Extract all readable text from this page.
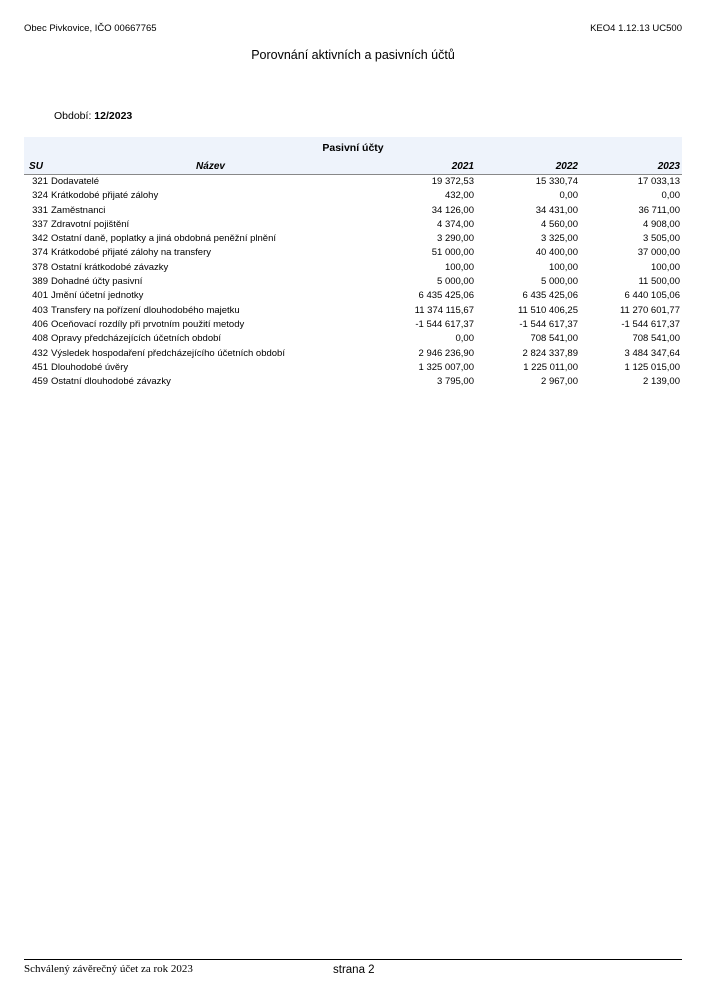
Obec Pivkovice, IČO 00667765	KEO4 1.12.13 UC500
Porovnání aktivních a pasivních účtů
Období: 12/2023
Pasivní účty
SU	Název	2021	2022	2023
321 Dodavatelé	19 372,53	15 330,74	17 033,13
324 Krátkodobé přijaté zálohy	432,00	0,00	0,00
331 Zaměstnanci	34 126,00	34 431,00	36 711,00
337 Zdravotní pojištění	4 374,00	4 560,00	4 908,00
342 Ostatní daně, poplatky a jiná obdobná peněžní plnění	3 290,00	3 325,00	3 505,00
374 Krátkodobé přijaté zálohy na transfery	51 000,00	40 400,00	37 000,00
378 Ostatní krátkodobé závazky	100,00	100,00	100,00
389 Dohadné účty pasivní	5 000,00	5 000,00	11 500,00
401 Jmění účetní jednotky	6 435 425,06	6 435 425,06	6 440 105,06
403 Transfery na pořízení dlouhodobého majetku	11 374 115,67	11 510 406,25	11 270 601,77
406 Oceňovací rozdíly při prvotním použití metody	-1 544 617,37	-1 544 617,37	-1 544 617,37
408 Opravy předcházejících účetních období	0,00	708 541,00	708 541,00
432 Výsledek hospodaření předcházejícího účetních období	2 946 236,90	2 824 337,89	3 484 347,64
451 Dlouhodobé úvěry	1 325 007,00	1 225 011,00	1 125 015,00
459 Ostatní dlouhodobé závazky	3 795,00	2 967,00	2 139,00
Schválený závěrečný účet za rok 2023	strana 2
